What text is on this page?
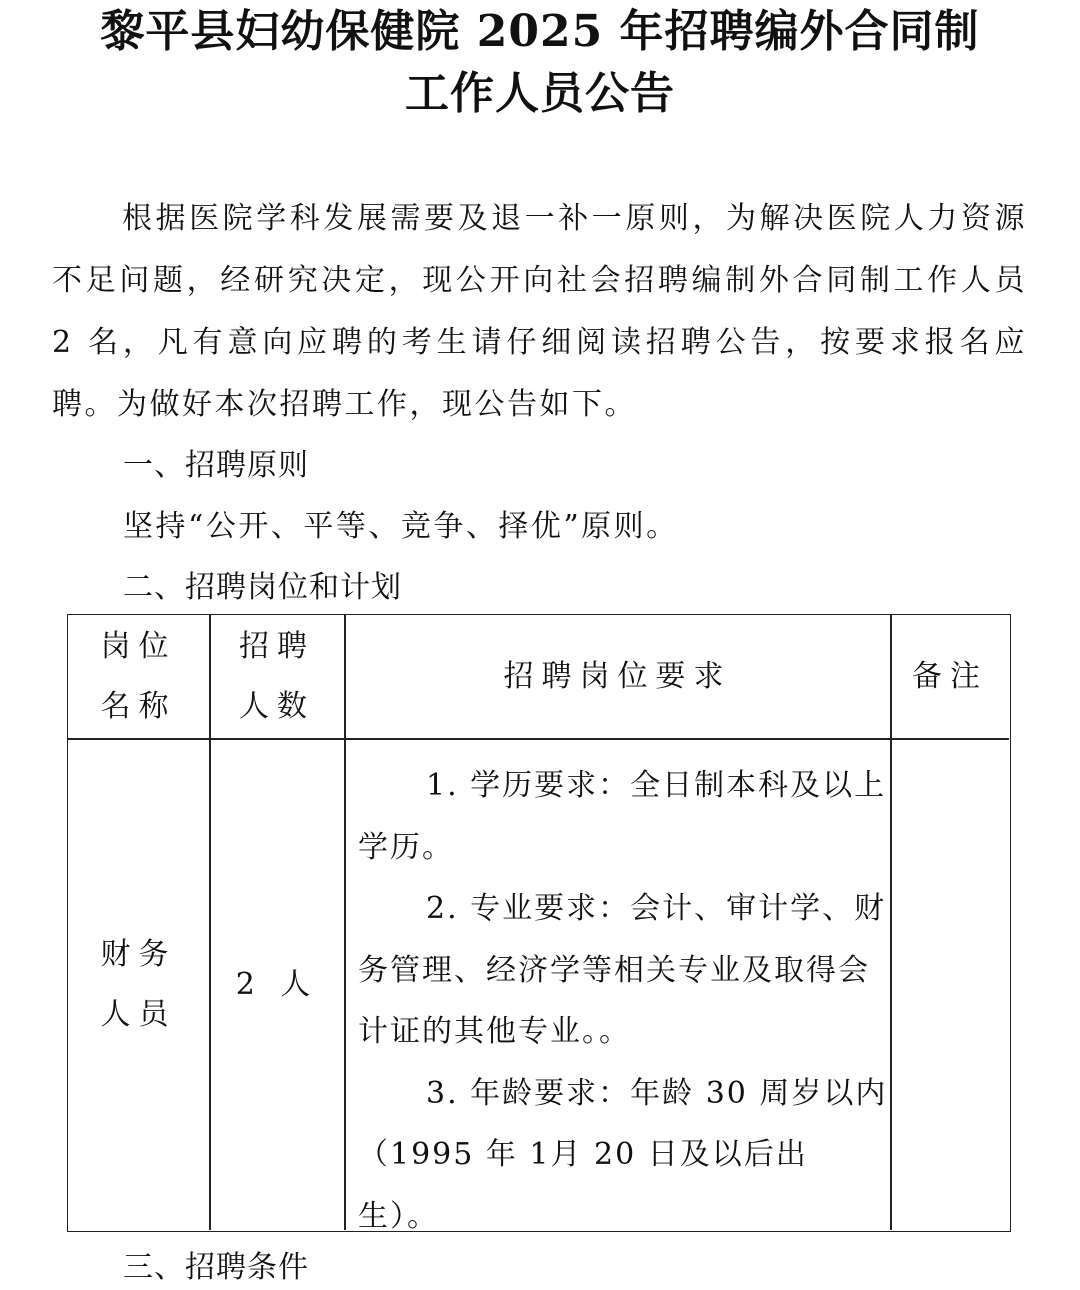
黎平县妇幼保健院 2025 年招聘编外合同制
工作人员公告

根据医院学科发展需要及退一补一原则，为解决医院人力资源不足问题，经研究决定，现公开向社会招聘编制外合同制工作人员 2 名，凡有意向应聘的考生请仔细阅读招聘公告，按要求报名应聘。为做好本次招聘工作，现公告如下。

一、招聘原则
坚持“公开、平等、竞争、择优”原则。
二、招聘岗位和计划
岗位
名称
招聘
人数
招聘岗位要求	备注
财务
人员
2 人

1. 学历要求：全日制本科及以上学历。

2. 专业要求：会计、审计学、财务管理、经济学等相关专业及取得会计证的其他专业。。

3. 年龄要求：年龄 30 周岁以内（1995 年 1月 20 日及以后出生）。

三、招聘条件
